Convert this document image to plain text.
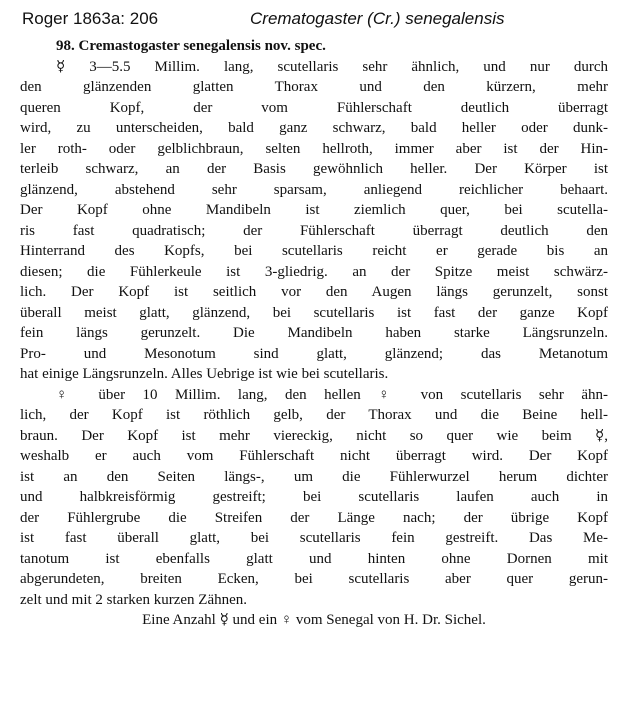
Roger 1863a: 206	Crematogaster (Cr.) senegalensis
98. Cremastogaster senegalensis nov. spec.
☿ 3—5.5 Millim. lang, scutellaris sehr ähnlich, und nur durch
den glänzenden glatten Thorax und den kürzern, mehr
queren Kopf, der vom Fühlerschaft deutlich überragt
wird, zu unterscheiden, bald ganz schwarz, bald heller oder dunk-
ler roth- oder gelblichbraun, selten hellroth, immer aber ist der Hin-
terleib schwarz, an der Basis gewöhnlich heller. Der Körper ist
glänzend, abstehend sehr sparsam, anliegend reichlicher behaart.
Der Kopf ohne Mandibeln ist ziemlich quer, bei scutella-
ris fast quadratisch; der Fühlerschaft überragt deutlich den
Hinterrand des Kopfs, bei scutellaris reicht er gerade bis an
diesen; die Fühlerkeule ist 3-gliedrig. an der Spitze meist schwärz-
lich. Der Kopf ist seitlich vor den Augen längs gerunzelt, sonst
überall meist glatt, glänzend, bei scutellaris ist fast der ganze Kopf
fein längs gerunzelt. Die Mandibeln haben starke Längsrunzeln.
Pro- und Mesonotum sind glatt, glänzend; das Metanotum
hat einige Längsrunzeln. Alles Uebrige ist wie bei scutellaris.
♀ über 10 Millim. lang, den hellen ♀ von scutellaris sehr ähn-
lich, der Kopf ist röthlich gelb, der Thorax und die Beine hell-
braun. Der Kopf ist mehr viereckig, nicht so quer wie beim ☿,
weshalb er auch vom Fühlerschaft nicht überragt wird. Der Kopf
ist an den Seiten längs-, um die Fühlerwurzel herum dichter
und halbkreisförmig gestreift; bei scutellaris laufen auch in
der Fühlergrube die Streifen der Länge nach; der übrige Kopf
ist fast überall glatt, bei scutellaris fein gestreift. Das Me-
tanotum ist ebenfalls glatt und hinten ohne Dornen mit
abgerundeten, breiten Ecken, bei scutellaris aber quer gerun-
zelt und mit 2 starken kurzen Zähnen.
Eine Anzahl ☿ und ein ♀ vom Senegal von H. Dr. Sichel.
